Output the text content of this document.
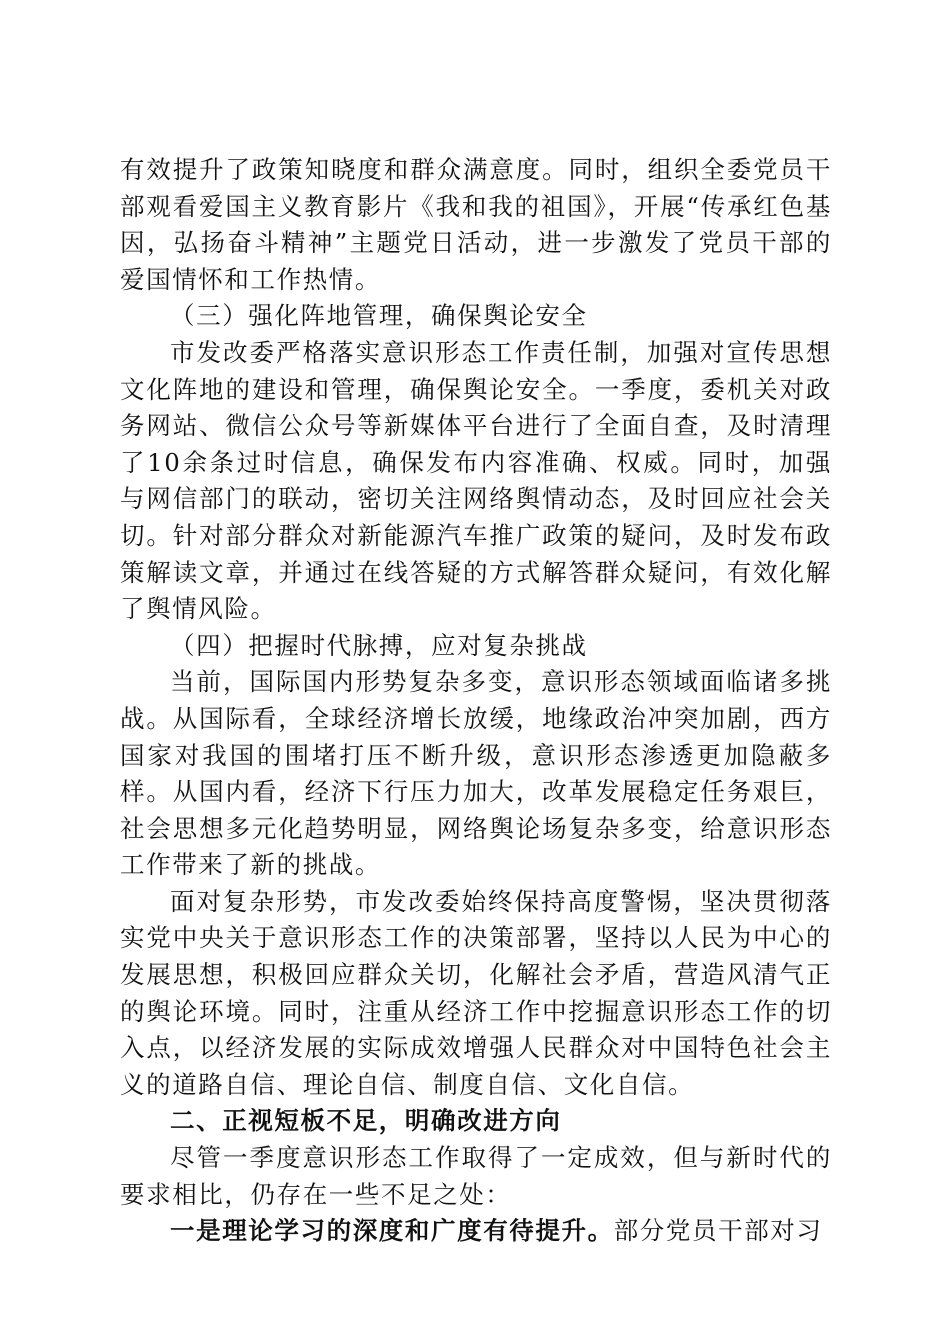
有效提升了政策知晓度和群众满意度。同时，组织全委党员干部观看爱国主义教育影片《我和我的祖国》，开展“传承红色基因，弘扬奋斗精神”主题党日活动，进一步激发了党员干部的爱国情怀和工作热情。

（三）强化阵地管理，确保舆论安全

市发改委严格落实意识形态工作责任制，加强对宣传思想文化阵地的建设和管理，确保舆论安全。一季度，委机关对政务网站、微信公众号等新媒体平台进行了全面自查，及时清理了10余条过时信息，确保发布内容准确、权威。同时，加强与网信部门的联动，密切关注网络舆情动态，及时回应社会关切。针对部分群众对新能源汽车推广政策的疑问，及时发布政策解读文章，并通过在线答疑的方式解答群众疑问，有效化解了舆情风险。

（四）把握时代脉搏，应对复杂挑战

当前，国际国内形势复杂多变，意识形态领域面临诸多挑战。从国际看，全球经济增长放缓，地缘政治冲突加剧，西方国家对我国的围堵打压不断升级，意识形态渗透更加隐蔽多样。从国内看，经济下行压力加大，改革发展稳定任务艰巨，社会思想多元化趋势明显，网络舆论场复杂多变，给意识形态工作带来了新的挑战。

面对复杂形势，市发改委始终保持高度警惕，坚决贯彻落实党中央关于意识形态工作的决策部署，坚持以人民为中心的发展思想，积极回应群众关切，化解社会矛盾，营造风清气正的舆论环境。同时，注重从经济工作中挖掘意识形态工作的切入点，以经济发展的实际成效增强人民群众对中国特色社会主义的道路自信、理论自信、制度自信、文化自信。

二、正视短板不足，明确改进方向

尽管一季度意识形态工作取得了一定成效，但与新时代的要求相比，仍存在一些不足之处：

一是理论学习的深度和广度有待提升。部分党员干部对习
